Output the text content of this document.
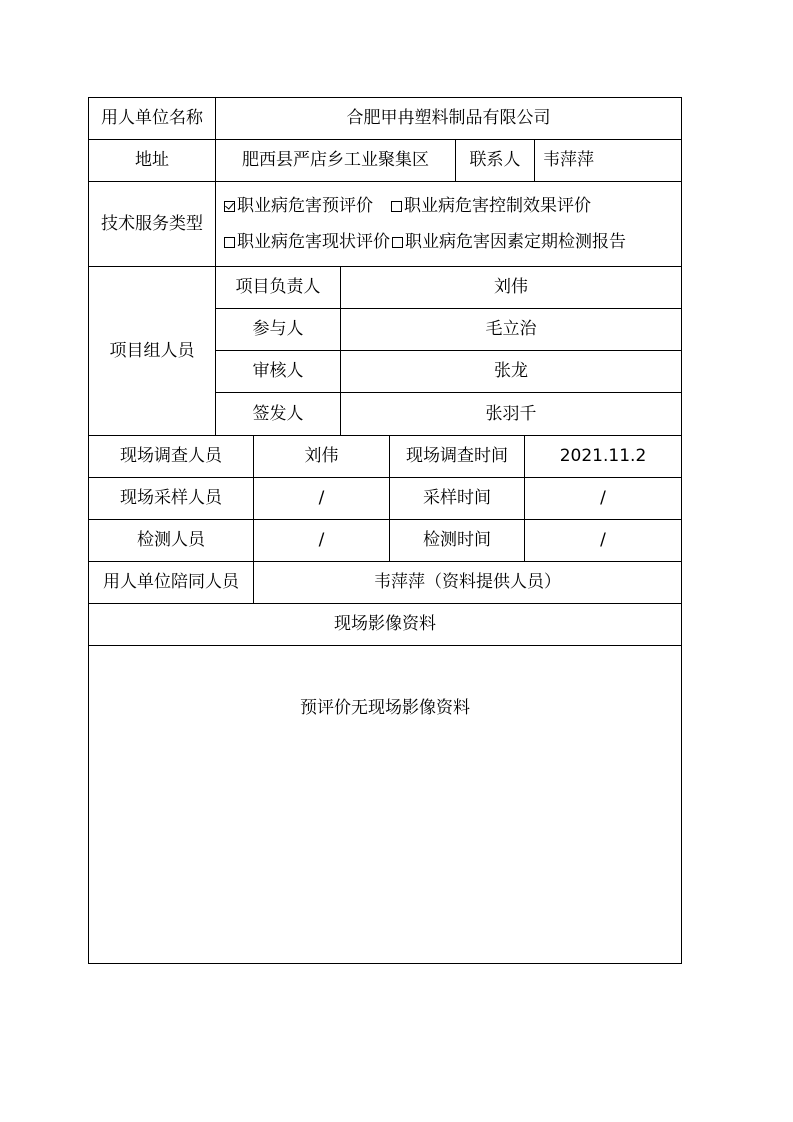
用人单位名称	合肥甲冉塑料制品有限公司
地址	肥西县严店乡工业聚集区	联系人	韦萍萍
技术服务类型
职业病危害预评价 职业病危害控制效果评价
职业病危害现状评价 职业病危害因素定期检测报告
项目组人员
项目负责人	刘伟
参与人	毛立治
审核人	张龙
签发人	张羽千
现场调查人员	刘伟	现场调查时间	2021.11.2
现场采样人员	/	采样时间	/
检测人员	/	检测时间	/
用人单位陪同人员	韦萍萍（资料提供人员）
现场影像资料
预评价无现场影像资料
